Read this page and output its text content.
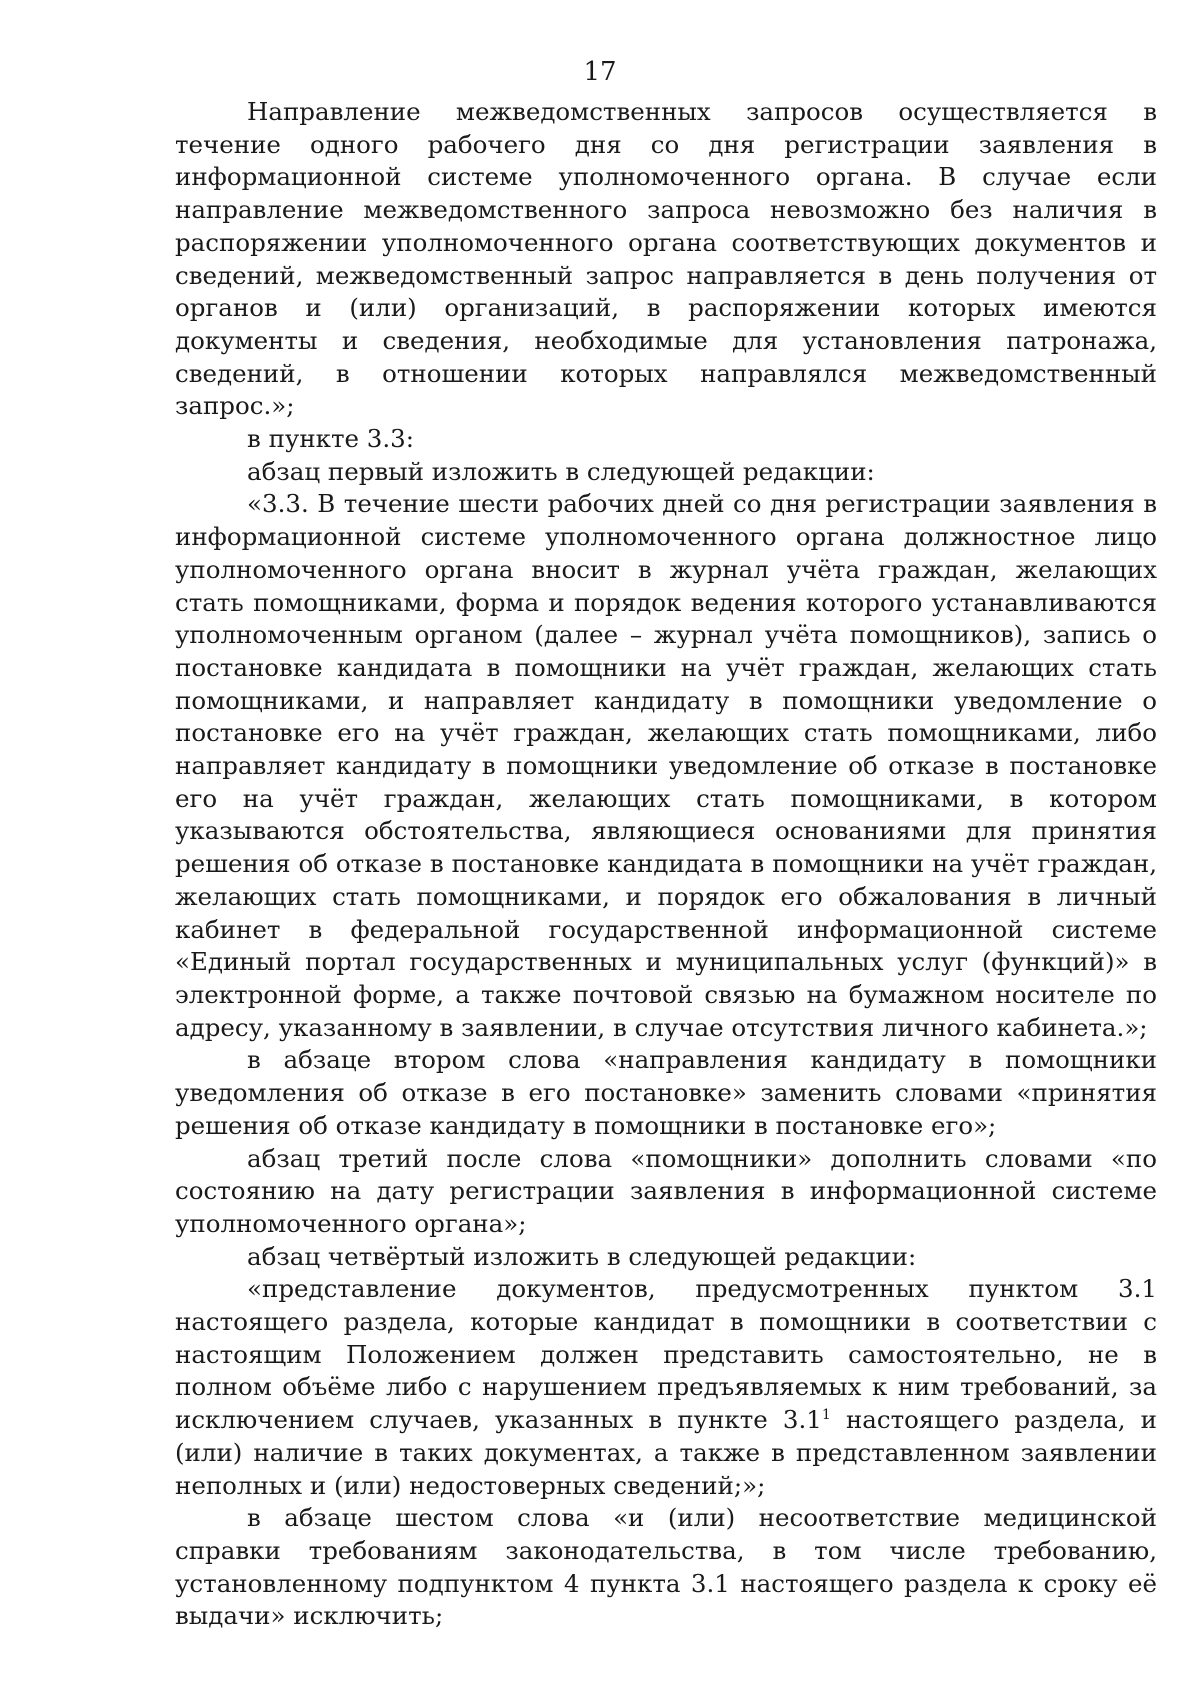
17

Направление межведомственных запросов осуществляется в течение одного рабочего дня со дня регистрации заявления в информационной системе уполномоченного органа. В случае если направление межведомственного запроса невозможно без наличия в распоряжении уполномоченного органа соответствующих документов и сведений, межведомственный запрос направляется в день получения от органов и (или) организаций, в распоряжении которых имеются документы и сведения, необходимые для установления патронажа, сведений, в отношении которых направлялся межведомственный запрос.»;

в пункте 3.3:

абзац первый изложить в следующей редакции:

«3.3. В течение шести рабочих дней со дня регистрации заявления в информационной системе уполномоченного органа должностное лицо уполномоченного органа вносит в журнал учёта граждан, желающих стать помощниками, форма и порядок ведения которого устанавливаются уполномоченным органом (далее – журнал учёта помощников), запись о постановке кандидата в помощники на учёт граждан, желающих стать помощниками, и направляет кандидату в помощники уведомление о постановке его на учёт граждан, желающих стать помощниками, либо направляет кандидату в помощники уведомление об отказе в постановке его на учёт граждан, желающих стать помощниками, в котором указываются обстоятельства, являющиеся основаниями для принятия решения об отказе в постановке кандидата в помощники на учёт граждан, желающих стать помощниками, и порядок его обжалования в личный кабинет в федеральной государственной информационной системе «Единый портал государственных и муниципальных услуг (функций)» в электронной форме, а также почтовой связью на бумажном носителе по адресу, указанному в заявлении, в случае отсутствия личного кабинета.»;

в абзаце втором слова «направления кандидату в помощники уведомления об отказе в его постановке» заменить словами «принятия решения об отказе кандидату в помощники в постановке его»;

абзац третий после слова «помощники» дополнить словами «по состоянию на дату регистрации заявления в информационной системе уполномоченного органа»;

абзац четвёртый изложить в следующей редакции:

«представление документов, предусмотренных пунктом 3.1 настоящего раздела, которые кандидат в помощники в соответствии с настоящим Положением должен представить самостоятельно, не в полном объёме либо с нарушением предъявляемых к ним требований, за исключением случаев, указанных в пункте $3.1^1$ настоящего раздела, и (или) наличие в таких документах, а также в представленном заявлении неполных и (или) недостоверных сведений;»;

в абзаце шестом слова «и (или) несоответствие медицинской справки требованиям законодательства, в том числе требованию, установленному подпунктом 4 пункта 3.1 настоящего раздела к сроку её выдачи» исключить;
